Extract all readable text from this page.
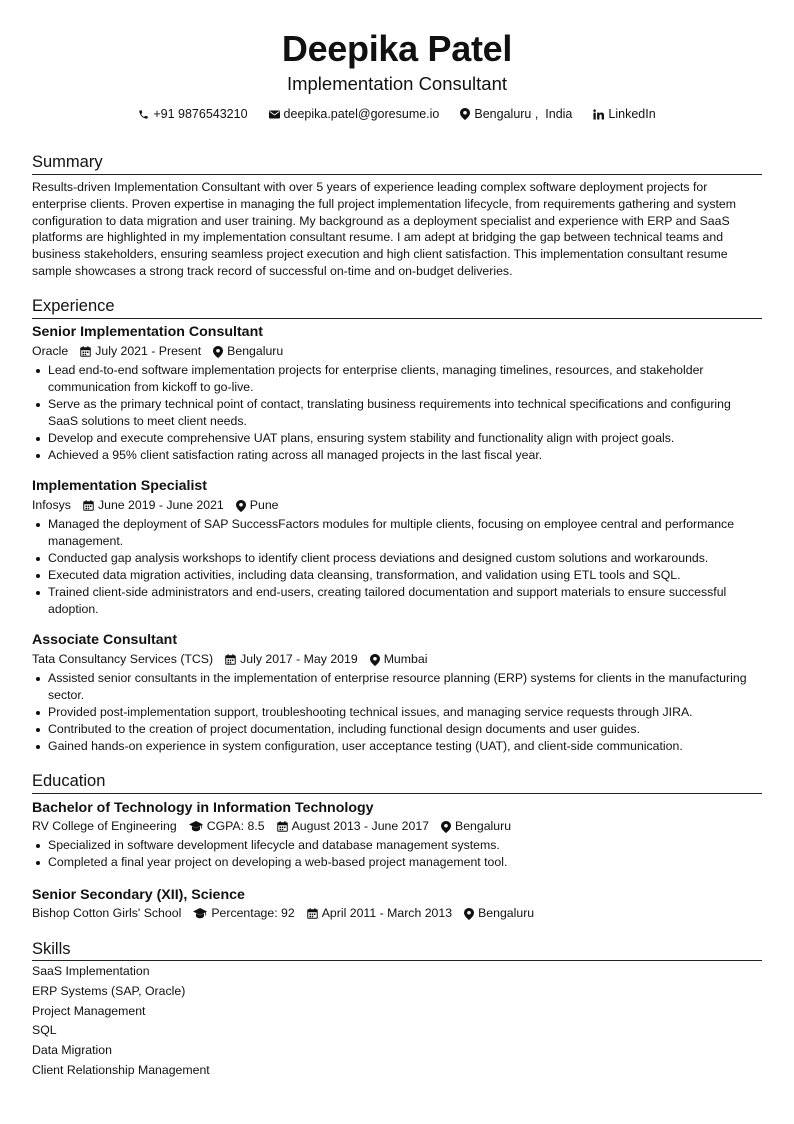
Deepika Patel
Implementation Consultant
+91 9876543210	deepika.patel@goresume.io	Bengaluru ,  India	LinkedIn
Summary
Results-driven Implementation Consultant with over 5 years of experience leading complex software deployment projects for enterprise clients. Proven expertise in managing the full project implementation lifecycle, from requirements gathering and system configuration to data migration and user training. My background as a deployment specialist and experience with ERP and SaaS platforms are highlighted in my implementation consultant resume. I am adept at bridging the gap between technical teams and business stakeholders, ensuring seamless project execution and high client satisfaction. This implementation consultant resume sample showcases a strong track record of successful on-time and on-budget deliveries.
Experience
Senior Implementation Consultant
Oracle July 2021 - Present Bengaluru
Lead end-to-end software implementation projects for enterprise clients, managing timelines, resources, and stakeholder communication from kickoff to go-live.
Serve as the primary technical point of contact, translating business requirements into technical specifications and configuring SaaS solutions to meet client needs.
Develop and execute comprehensive UAT plans, ensuring system stability and functionality align with project goals.
Achieved a 95% client satisfaction rating across all managed projects in the last fiscal year.
Implementation Specialist
Infosys June 2019 - June 2021 Pune
Managed the deployment of SAP SuccessFactors modules for multiple clients, focusing on employee central and performance management.
Conducted gap analysis workshops to identify client process deviations and designed custom solutions and workarounds.
Executed data migration activities, including data cleansing, transformation, and validation using ETL tools and SQL.
Trained client-side administrators and end-users, creating tailored documentation and support materials to ensure successful adoption.
Associate Consultant
Tata Consultancy Services (TCS) July 2017 - May 2019 Mumbai
Assisted senior consultants in the implementation of enterprise resource planning (ERP) systems for clients in the manufacturing sector.
Provided post-implementation support, troubleshooting technical issues, and managing service requests through JIRA.
Contributed to the creation of project documentation, including functional design documents and user guides.
Gained hands-on experience in system configuration, user acceptance testing (UAT), and client-side communication.
Education
Bachelor of Technology in Information Technology
RV College of Engineering CGPA: 8.5 August 2013 - June 2017 Bengaluru
Specialized in software development lifecycle and database management systems.
Completed a final year project on developing a web-based project management tool.
Senior Secondary (XII), Science
Bishop Cotton Girls' School Percentage: 92 April 2011 - March 2013 Bengaluru
Skills
SaaS Implementation
ERP Systems (SAP, Oracle)
Project Management
SQL
Data Migration
Client Relationship Management
